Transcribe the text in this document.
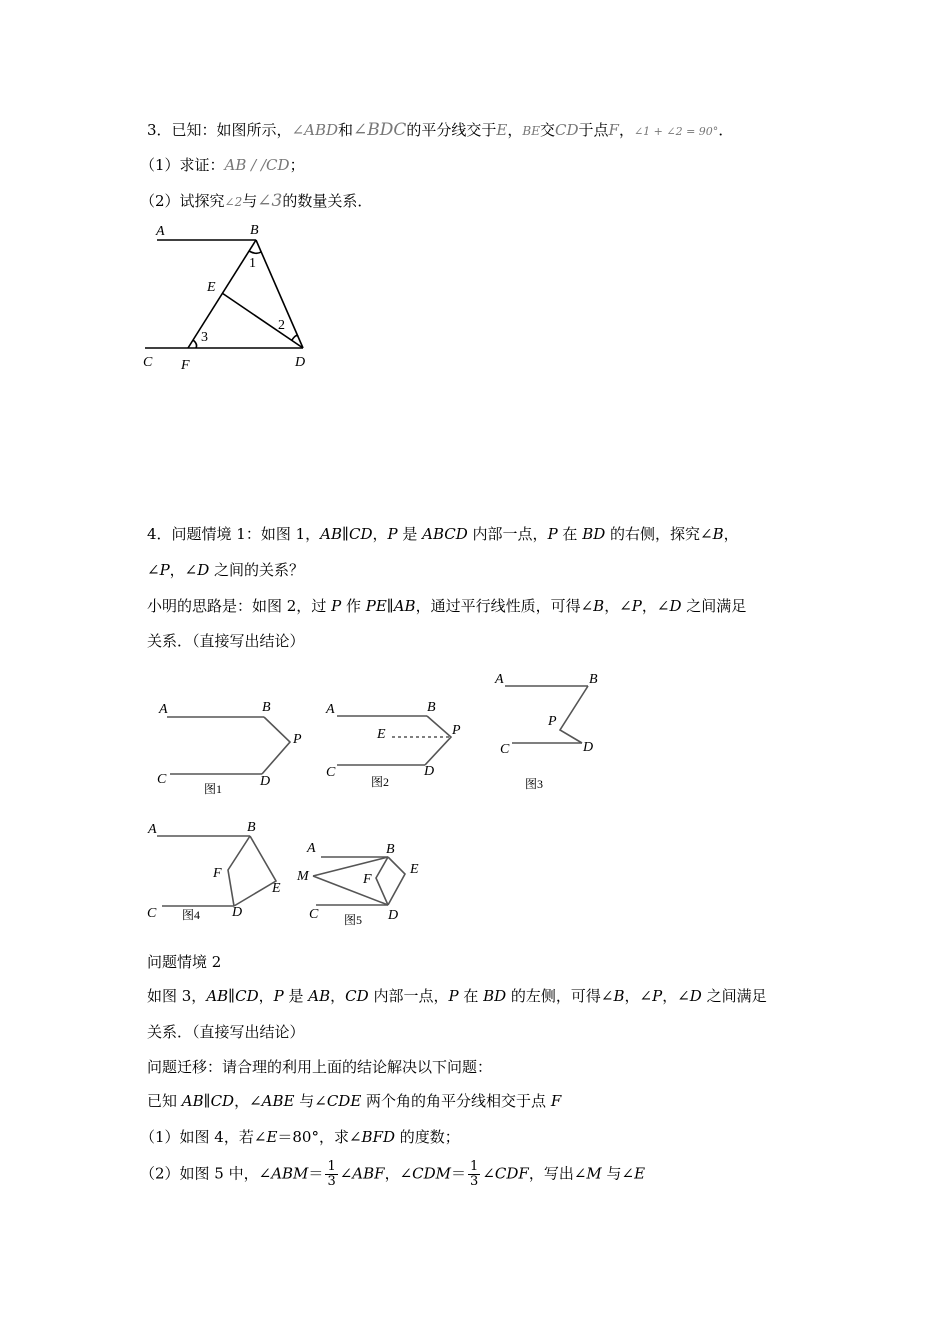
3．已知：如图所示，∠ABD和∠BDC的平分线交于E，BE交CD于点F，∠1 + ∠2 = 90°．
（1）求证：AB / /CD；
（2）试探究∠2与∠3的数量关系．
A	B
C F	D
E
1
2
3
4．问题情境 1：如图 1，AB∥CD，P 是 ABCD 内部一点，P 在 BD 的右侧，探究∠B，
∠P，∠D 之间的关系？
小明的思路是：如图 2，过 P 作 PE∥AB，通过平行线性质，可得∠B，∠P，∠D 之间满足
关系．（直接写出结论）
A	B
P
C	D
图1
A	B
P
E
C	D
图2
A	B
P
C	D
图3
A	B
F
E
C	D
图4
A	B
M	F
E
C	D
图5
问题情境 2
如图 3，AB∥CD，P 是 AB，CD 内部一点，P 在 BD 的左侧，可得∠B，∠P，∠D 之间满足
关系．（直接写出结论）
问题迁移：请合理的利用上面的结论解决以下问题：
已知 AB∥CD，∠ABE 与∠CDE 两个角的角平分线相交于点 F
（1）如图 4，若∠E＝80°，求∠BFD 的度数；
（2）如图 5 中，∠ABM＝ $\frac{1}{3}$ ∠ABF，∠CDM＝ $\frac{1}{3}$ ∠CDF，写出∠M 与∠E
